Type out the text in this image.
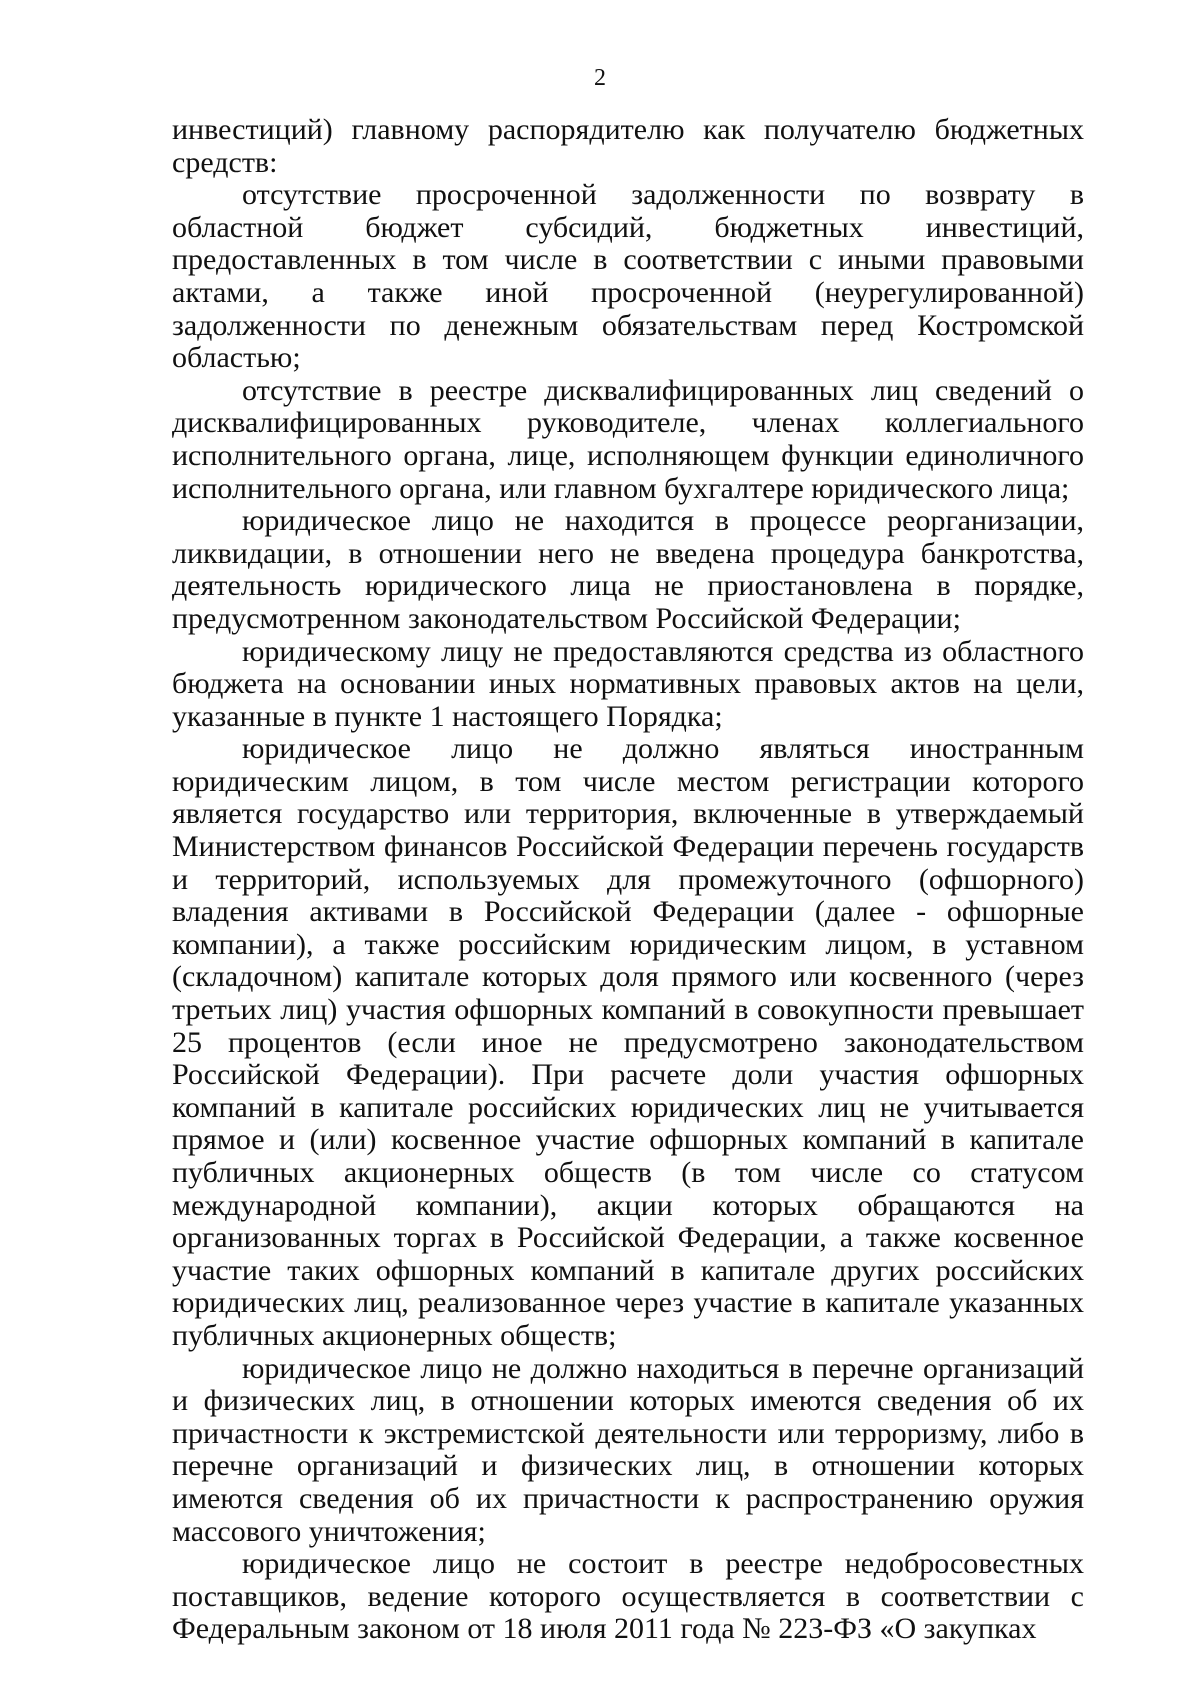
2

инвестиций) главному распорядителю как получателю бюджетных средств:

отсутствие просроченной задолженности по возврату в областной бюджет субсидий, бюджетных инвестиций, предоставленных в том числе в соответствии с иными правовыми актами, а также иной просроченной (неурегулированной) задолженности по денежным обязательствам перед Костромской областью;

отсутствие в реестре дисквалифицированных лиц сведений о дисквалифицированных руководителе, членах коллегиального исполнительного органа, лице, исполняющем функции единоличного исполнительного органа, или главном бухгалтере юридического лица;

юридическое лицо не находится в процессе реорганизации, ликвидации, в отношении него не введена процедура банкротства, деятельность юридического лица не приостановлена в порядке, предусмотренном законодательством Российской Федерации;

юридическому лицу не предоставляются средства из областного бюджета на основании иных нормативных правовых актов на цели, указанные в пункте 1 настоящего Порядка;

юридическое лицо не должно являться иностранным юридическим лицом, в том числе местом регистрации которого является государство или территория, включенные в утверждаемый Министерством финансов Российской Федерации перечень государств и территорий, используемых для промежуточного (офшорного) владения активами в Российской Федерации (далее - офшорные компании), а также российским юридическим лицом, в уставном (складочном) капитале которых доля прямого или косвенного (через третьих лиц) участия офшорных компаний в совокупности превышает 25 процентов (если иное не предусмотрено законодательством Российской Федерации). При расчете доли участия офшорных компаний в капитале российских юридических лиц не учитывается прямое и (или) косвенное участие офшорных компаний в капитале публичных акционерных обществ (в том числе со статусом международной компании), акции которых обращаются на организованных торгах в Российской Федерации, а также косвенное участие таких офшорных компаний в капитале других российских юридических лиц, реализованное через участие в капитале указанных публичных акционерных обществ;

юридическое лицо не должно находиться в перечне организаций и физических лиц, в отношении которых имеются сведения об их причастности к экстремистской деятельности или терроризму, либо в перечне организаций и физических лиц, в отношении которых имеются сведения об их причастности к распространению оружия массового уничтожения;

юридическое лицо не состоит в реестре недобросовестных поставщиков, ведение которого осуществляется в соответствии с Федеральным законом от 18 июля 2011 года № 223-ФЗ «О закупках
